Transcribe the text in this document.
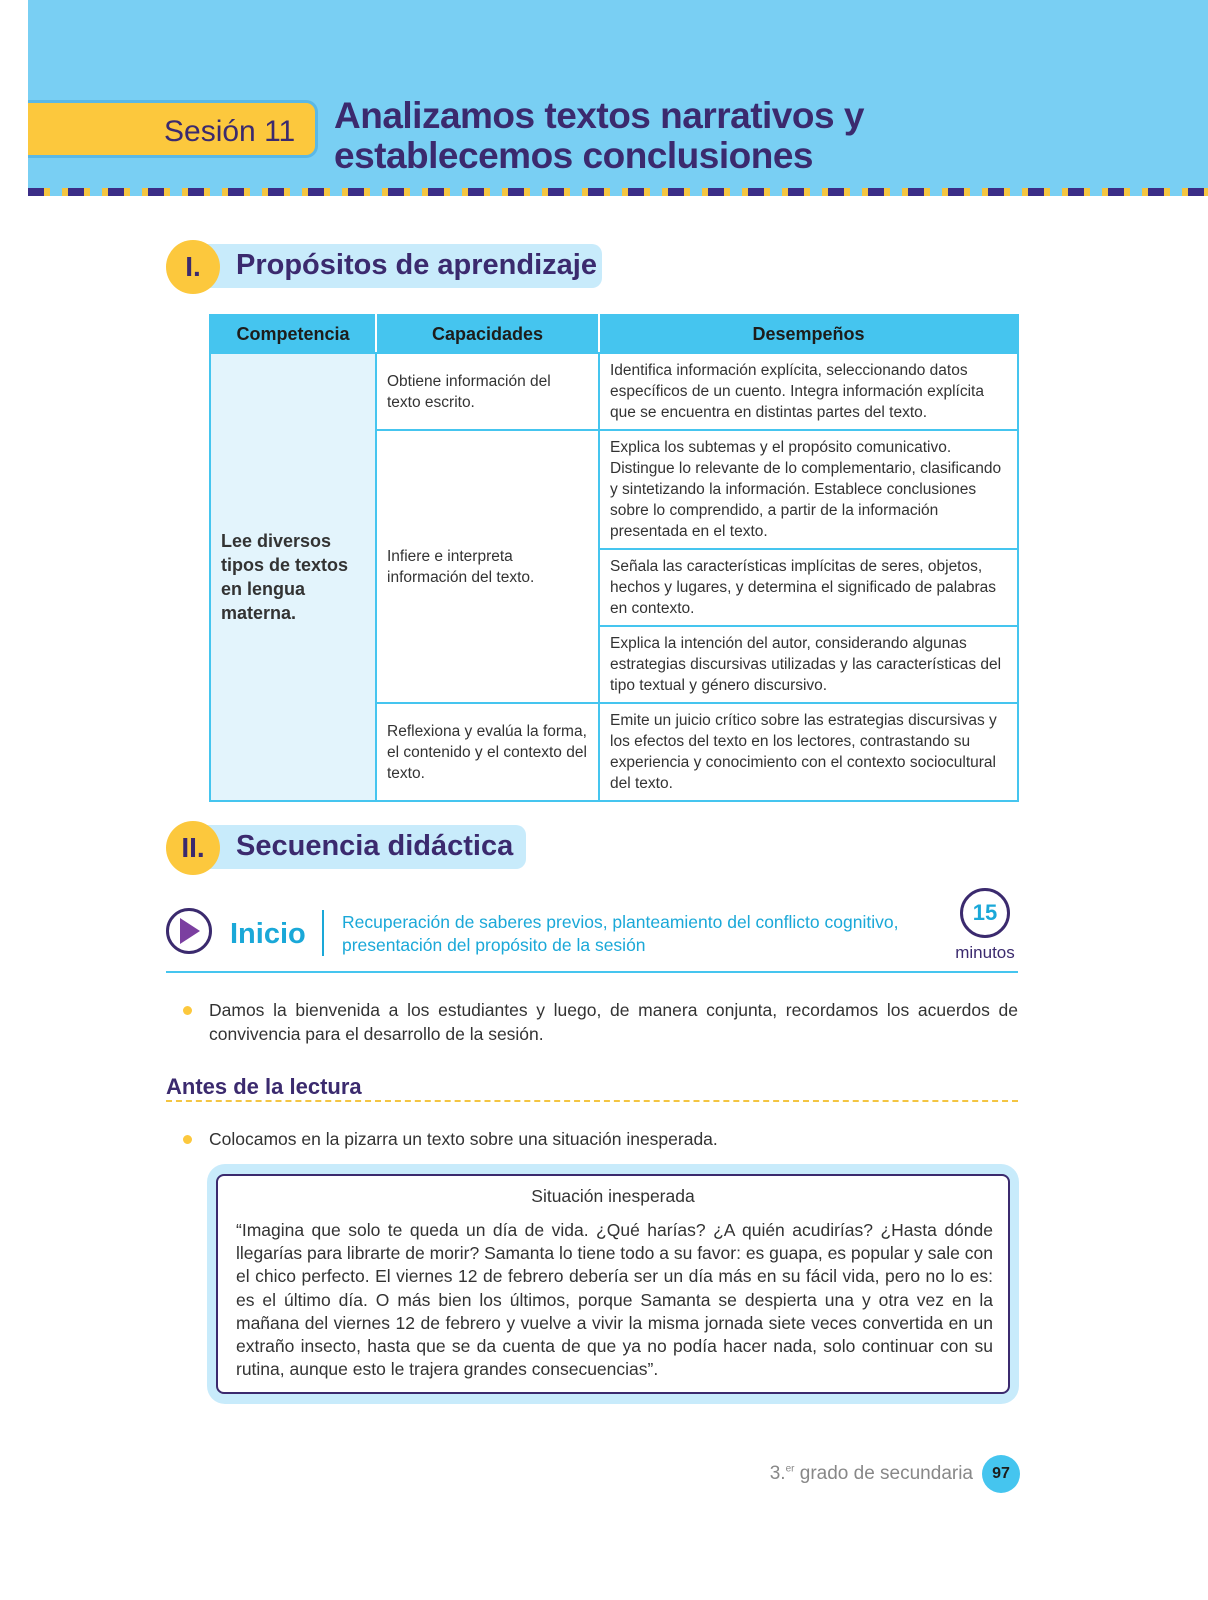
Sesión 11 Analizamos textos narrativos y
establecemos conclusiones
I.	Propósitos de aprendizaje
Competencia	Capacidades	Desempeños
Lee diversos tipos de textos en lengua materna.	Obtiene información del texto escrito.	Identifica información explícita, seleccionando datos específicos de un cuento. Integra información explícita que se encuentra en distintas partes del texto.
	Infiere e interpreta información del texto.	Explica los subtemas y el propósito comunicativo. Distingue lo relevante de lo complementario, clasificando y sintetizando la información. Establece conclusiones sobre lo comprendido, a partir de la información presentada en el texto.
		Señala las características implícitas de seres, objetos, hechos y lugares, y determina el significado de palabras en contexto.
		Explica la intención del autor, considerando algunas estrategias discursivas utilizadas y las características del tipo textual y género discursivo.
	Reflexiona y evalúa la forma, el contenido y el contexto del texto.	Emite un juicio crítico sobre las estrategias discursivas y los efectos del texto en los lectores, contrastando su experiencia y conocimiento con el contexto sociocultural del texto.
II.	Secuencia didáctica
Inicio Recuperación de saberes previos, planteamiento del conflicto cognitivo, presentación del propósito de la sesión
15
minutos
Damos la bienvenida a los estudiantes y luego, de manera conjunta, recordamos los acuerdos de convivencia para el desarrollo de la sesión.
Antes de la lectura
Colocamos en la pizarra un texto sobre una situación inesperada.
Situación inesperada
“Imagina que solo te queda un día de vida. ¿Qué harías? ¿A quién acudirías? ¿Hasta dónde llegarías para librarte de morir? Samanta lo tiene todo a su favor: es guapa, es popular y sale con el chico perfecto. El viernes 12 de febrero debería ser un día más en su fácil vida, pero no lo es: es el último día. O más bien los últimos, porque Samanta se despierta una y otra vez en la mañana del viernes 12 de febrero y vuelve a vivir la misma jornada siete veces convertida en un extraño insecto, hasta que se da cuenta de que ya no podía hacer nada, solo continuar con su rutina, aunque esto le trajera grandes consecuencias”.
3.$^{er}$ grado de secundaria	97
